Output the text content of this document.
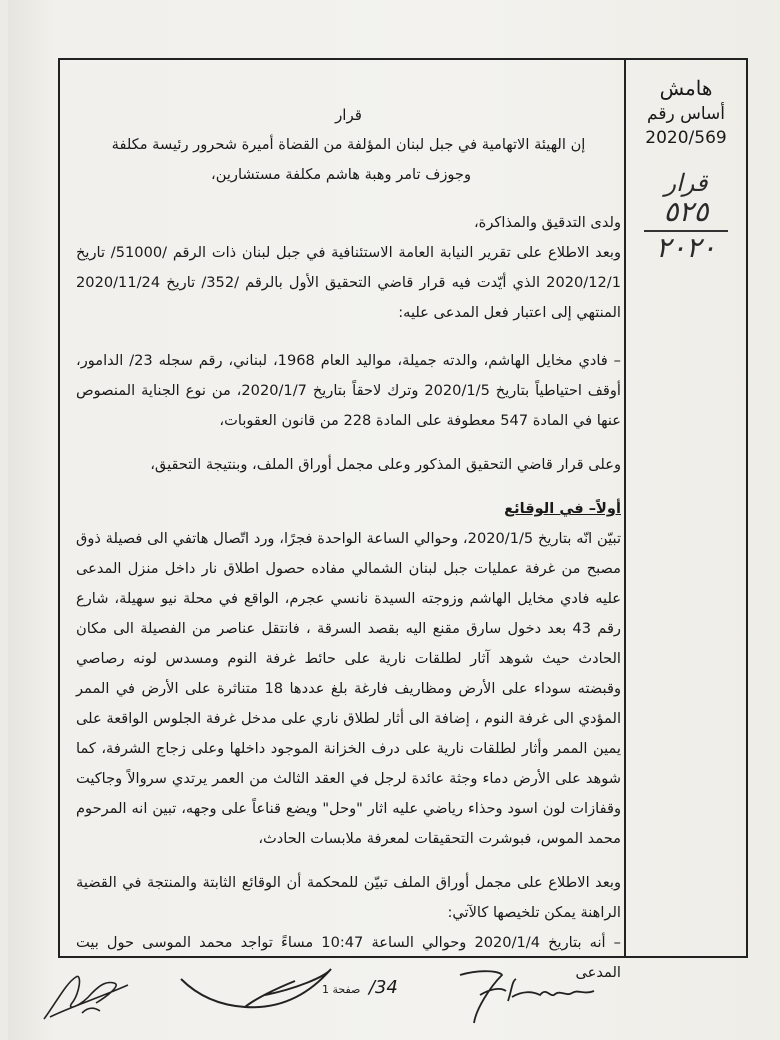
هامش
أساس رقم
2020/569
قرار
٥٢٥
٢٠٢٠

قرار

إن الهيئة الاتهامية في جبل لبنان المؤلفة من القضاة أميرة شحرور رئيسة مكلفة

وجوزف تامر وهبة هاشم مكلفة مستشارين،

ولدى التدقيق والمذاكرة،

وبعد الاطلاع على تقرير النيابة العامة الاستئنافية في جبل لبنان ذات الرقم /51000/ تاريخ 2020/12/1 الذي أيّدت فيه قرار قاضي التحقيق الأول بالرقم /352/ تاريخ 2020/11/24 المنتهي إلى اعتبار فعل المدعى عليه:

– فادي مخايل الهاشم، والدته جميلة، مواليد العام 1968، لبناني، رقم سجله 23/ الدامور، أوقف احتياطياً بتاريخ 2020/1/5 وترك لاحقاً بتاريخ 2020/1/7، من نوع الجناية المنصوص عنها في المادة 547 معطوفة على المادة 228 من قانون العقوبات،

وعلى قرار قاضي التحقيق المذكور وعلى مجمل أوراق الملف، وبنتيجة التحقيق،

أولاً– في الوقائع

تبيّن انّه بتاريخ 2020/1/5، وحوالي الساعة الواحدة فجرًا، ورد اتّصال هاتفي الى فصيلة ذوق مصبح من غرفة عمليات جبل لبنان الشمالي مفاده حصول اطلاق نار داخل منزل المدعى عليه فادي مخايل الهاشم وزوجته السيدة نانسي عجرم، الواقع في محلة نيو سهيلة، شارع رقم 43 بعد دخول سارق مقنع اليه بقصد السرقة ، فانتقل عناصر من الفصيلة الى مكان الحادث حيث شوهد آثار لطلقات نارية على حائط غرفة النوم ومسدس لونه رصاصي وقبضته سوداء على الأرض ومظاريف فارغة بلغ عددها 18 متناثرة على الأرض في الممر المؤدي الى غرفة النوم ، إضافة الى أثار لطلاق ناري على مدخل غرفة الجلوس الواقعة على يمين الممر وأثار لطلقات نارية على درف الخزانة الموجود داخلها وعلى زجاج الشرفة، كما شوهد على الأرض دماء وجثة عائدة لرجل في العقد الثالث من العمر يرتدي سروالاً وجاكيت وقفازات لون اسود وحذاء رياضي عليه اثار "وحل" ويضع قناعاً على وجهه، تبين انه المرحوم محمد الموس، فبوشرت التحقيقات لمعرفة ملابسات الحادث،

وبعد الاطلاع على مجمل أوراق الملف تبيّن للمحكمة أن الوقائع الثابتة والمنتجة في القضية الراهنة يمكن تلخيصها كالآتي:

– أنه بتاريخ 2020/1/4 وحوالي الساعة 10:47 مساءً تواجد محمد الموسى حول بيت المدعى

34/ صفحة 1
